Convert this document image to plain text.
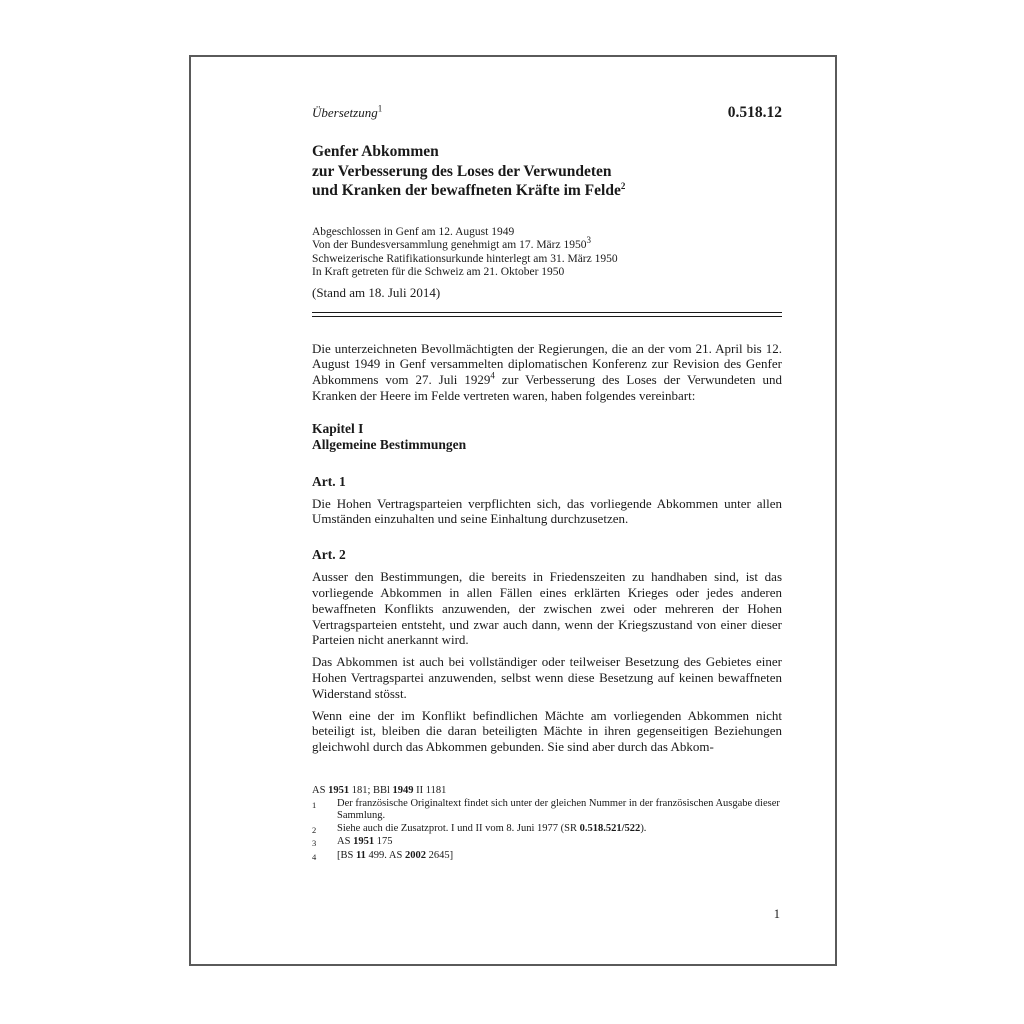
Übersetzung$^1$	0.518.12
Genfer Abkommen
zur Verbesserung des Loses der Verwundeten
und Kranken der bewaffneten Kräfte im Felde$^2$
Abgeschlossen in Genf am 12. August 1949
Von der Bundesversammlung genehmigt am 17. März 1950$^3$
Schweizerische Ratifikationsurkunde hinterlegt am 31. März 1950
In Kraft getreten für die Schweiz am 21. Oktober 1950
(Stand am 18. Juli 2014)

Die unterzeichneten Bevollmächtigten der Regierungen, die an der vom 21. April bis 12. August 1949 in Genf versammelten diplomatischen Konferenz zur Revision des Genfer Abkommens vom 27. Juli 1929$^4$ zur Verbesserung des Loses der Verwundeten und Kranken der Heere im Felde vertreten waren, haben folgendes vereinbart:

Kapitel I
Allgemeine Bestimmungen
Art. 1

Die Hohen Vertragsparteien verpflichten sich, das vorliegende Abkommen unter allen Umständen einzuhalten und seine Einhaltung durchzusetzen.

Art. 2

Ausser den Bestimmungen, die bereits in Friedenszeiten zu handhaben sind, ist das vorliegende Abkommen in allen Fällen eines erklärten Krieges oder jedes anderen bewaffneten Konflikts anzuwenden, der zwischen zwei oder mehreren der Hohen Vertragsparteien entsteht, und zwar auch dann, wenn der Kriegszustand von einer dieser Parteien nicht anerkannt wird.

Das Abkommen ist auch bei vollständiger oder teilweiser Besetzung des Gebietes einer Hohen Vertragspartei anzuwenden, selbst wenn diese Besetzung auf keinen bewaffneten Widerstand stösst.

Wenn eine der im Konflikt befindlichen Mächte am vorliegenden Abkommen nicht beteiligt ist, bleiben die daran beteiligten Mächte in ihren gegenseitigen Beziehungen gleichwohl durch das Abkommen gebunden. Sie sind aber durch das Abkom-

AS 1951 181; BBl 1949 II 1181
1	Der französische Originaltext findet sich unter der gleichen Nummer in der französischen Ausgabe dieser Sammlung.
2	Siehe auch die Zusatzprot. I und II vom 8. Juni 1977 (SR 0.518.521/522).
3	AS 1951 175
4	[BS 11 499. AS 2002 2645]
1
